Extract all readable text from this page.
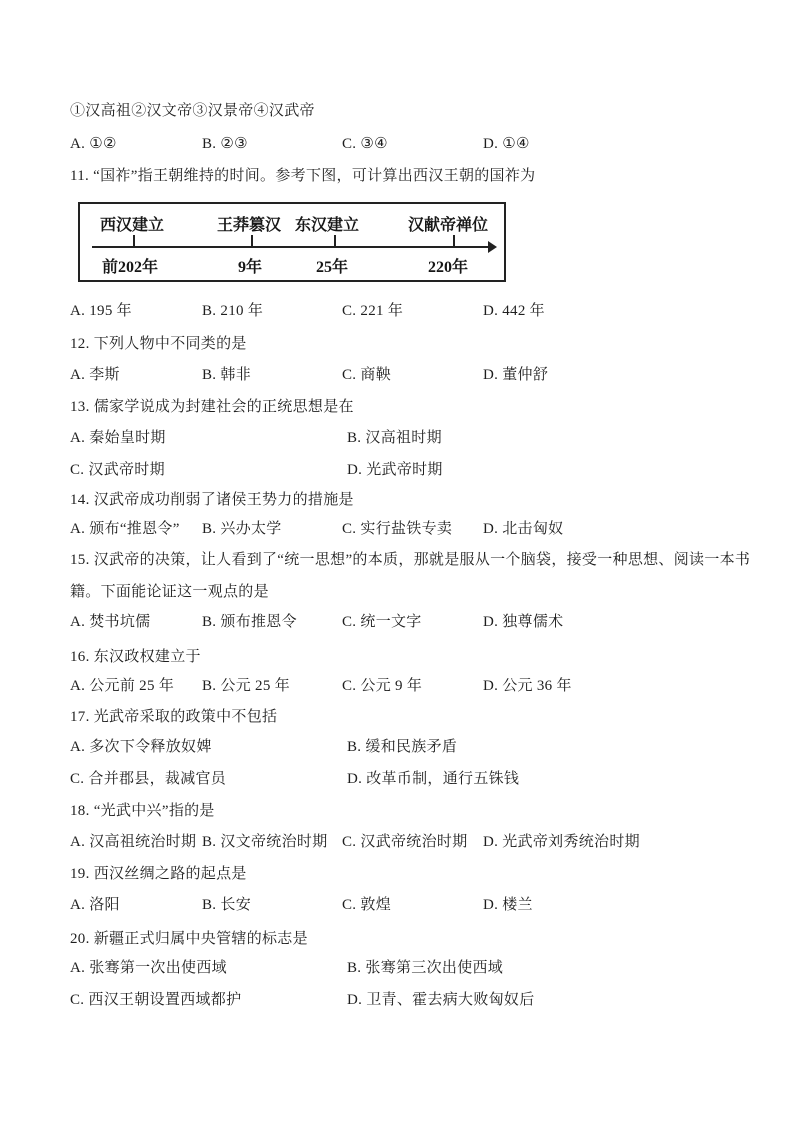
①汉高祖②汉文帝③汉景帝④汉武帝
A. ①②	B. ②③	C. ③④	D. ①④
11. “国祚”指王朝维持的时间。参考下图，可计算出西汉王朝的国祚为
西汉建立	王莽篡汉 东汉建立	汉献帝禅位
前202年	9年	25年	220年
A. 195 年	B. 210 年	C. 221 年	D. 442 年
12. 下列人物中不同类的是
A. 李斯	B. 韩非	C. 商鞅	D. 董仲舒
13. 儒家学说成为封建社会的正统思想是在
A. 秦始皇时期	B. 汉高祖时期
C. 汉武帝时期	D. 光武帝时期
14. 汉武帝成功削弱了诸侯王势力的措施是
A. 颁布“推恩令” B. 兴办太学	C. 实行盐铁专卖 D. 北击匈奴
15. 汉武帝的决策，让人看到了“统一思想”的本质，那就是服从一个脑袋，接受一种思想、阅读一本书
籍。下面能论证这一观点的是
A. 焚书坑儒	B. 颁布推恩令	C. 统一文字	D. 独尊儒术
16. 东汉政权建立于
A. 公元前 25 年 B. 公元 25 年	C. 公元 9 年	D. 公元 36 年
17. 光武帝采取的政策中不包括
A. 多次下令释放奴婢	B. 缓和民族矛盾
C. 合并郡县，裁减官员	D. 改革币制，通行五铢钱
18. “光武中兴”指的是
A. 汉高祖统治时期 B. 汉文帝统治时期 C. 汉武帝统治时期 D. 光武帝刘秀统治时期
19. 西汉丝绸之路的起点是
A. 洛阳	B. 长安	C. 敦煌	D. 楼兰
20. 新疆正式归属中央管辖的标志是
A. 张骞第一次出使西域	B. 张骞第三次出使西域
C. 西汉王朝设置西域都护	D. 卫青、霍去病大败匈奴后
